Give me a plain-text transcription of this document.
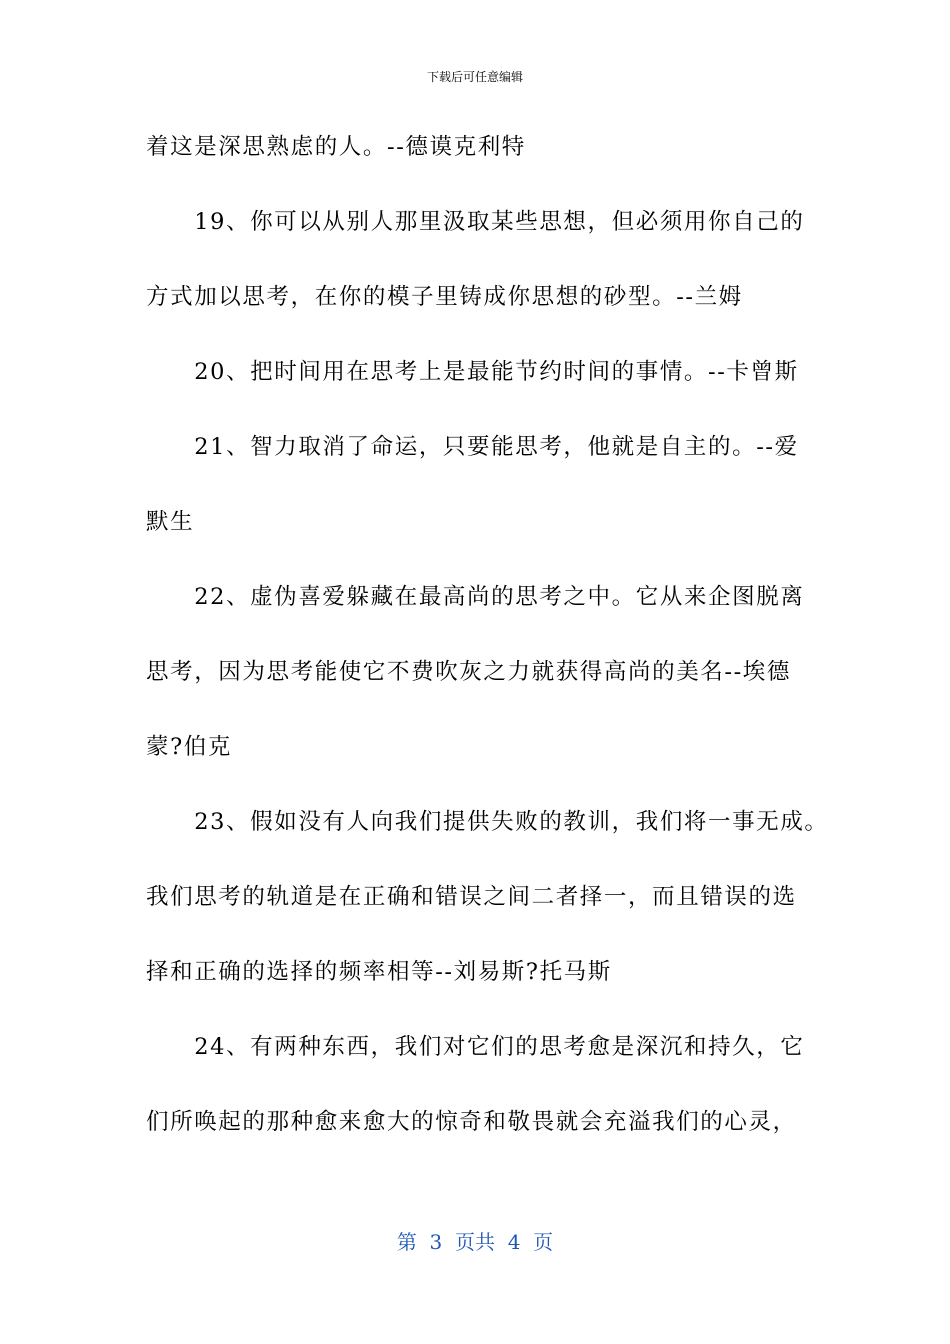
下载后可任意编辑
着这是深思熟虑的人。--德谟克利特
　　19、你可以从别人那里汲取某些思想，但必须用你自己的
方式加以思考，在你的模子里铸成你思想的砂型。--兰姆
　　20、把时间用在思考上是最能节约时间的事情。--卡曾斯
　　21、智力取消了命运，只要能思考，他就是自主的。--爱
默生
　　22、虚伪喜爱躲藏在最高尚的思考之中。它从来企图脱离
思考，因为思考能使它不费吹灰之力就获得高尚的美名--埃德
蒙?伯克
　　23、假如没有人向我们提供失败的教训，我们将一事无成。
我们思考的轨道是在正确和错误之间二者择一，而且错误的选
择和正确的选择的频率相等--刘易斯?托马斯
　　24、有两种东西，我们对它们的思考愈是深沉和持久，它
们所唤起的那种愈来愈大的惊奇和敬畏就会充溢我们的心灵，
第  3  页共  4  页
